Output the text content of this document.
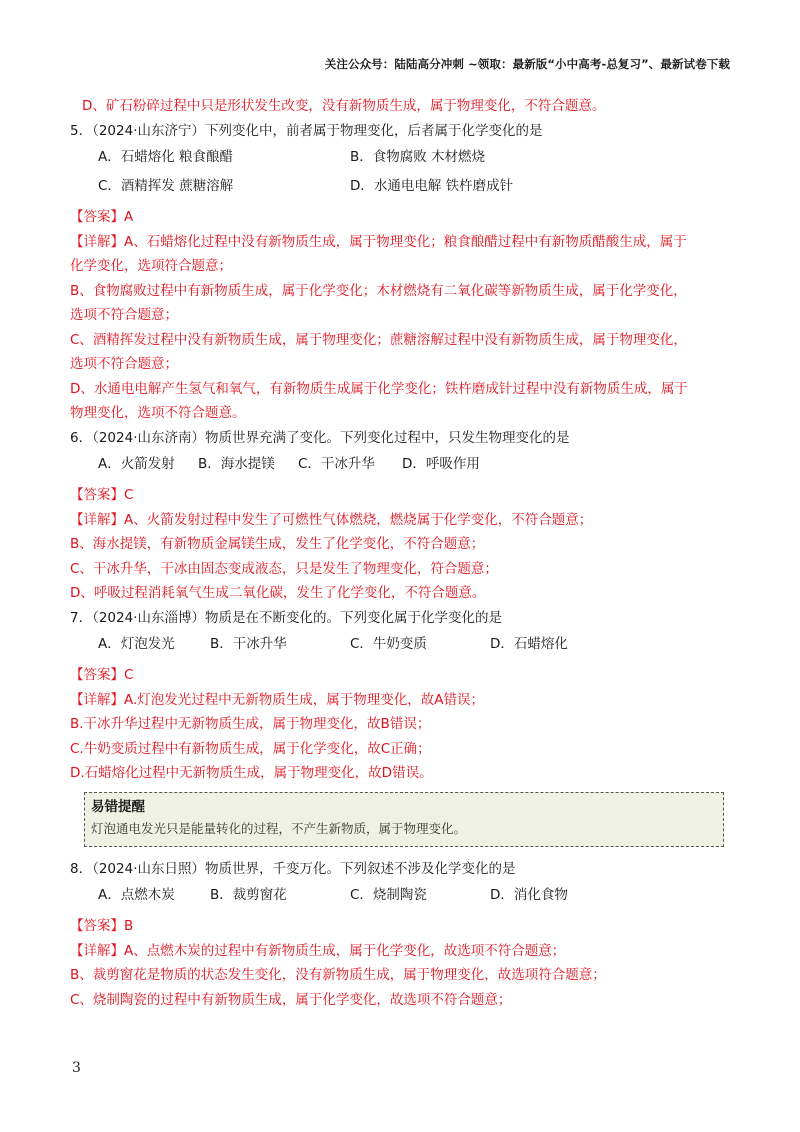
关注公众号：陆陆高分冲刺 ~领取：最新版“小中高考-总复习”、最新试卷下载
D、矿石粉碎过程中只是形状发生改变，没有新物质生成，属于物理变化，不符合题意。
5．（2024·山东济宁）下列变化中，前者属于物理变化，后者属于化学变化的是
A．石蜡熔化 粮食酿醋	B．食物腐败 木材燃烧
C．酒精挥发 蔗糖溶解	D．水通电电解 铁杵磨成针
【答案】A
【详解】A、石蜡熔化过程中没有新物质生成，属于物理变化；粮食酿醋过程中有新物质醋酸生成，属于
化学变化，选项符合题意；
B、食物腐败过程中有新物质生成，属于化学变化；木材燃烧有二氧化碳等新物质生成，属于化学变化，
选项不符合题意；
C、酒精挥发过程中没有新物质生成，属于物理变化；蔗糖溶解过程中没有新物质生成，属于物理变化，
选项不符合题意；
D、水通电电解产生氢气和氧气，有新物质生成属于化学变化；铁杵磨成针过程中没有新物质生成，属于
物理变化，选项不符合题意。
6．（2024·山东济南）物质世界充满了变化。下列变化过程中，只发生物理变化的是
A．火箭发射	B．海水提镁	C．干冰升华	D．呼吸作用
【答案】C
【详解】A、火箭发射过程中发生了可燃性气体燃烧，燃烧属于化学变化，不符合题意；
B、海水提镁，有新物质金属镁生成，发生了化学变化，不符合题意；
C、干冰升华，干冰由固态变成液态，只是发生了物理变化，符合题意；
D、呼吸过程消耗氧气生成二氧化碳，发生了化学变化，不符合题意。
7．（2024·山东淄博）物质是在不断变化的。下列变化属于化学变化的是
A．灯泡发光	B．干冰升华	C．牛奶变质	D．石蜡熔化
【答案】C
【详解】A.灯泡发光过程中无新物质生成，属于物理变化，故A错误；
B.干冰升华过程中无新物质生成，属于物理变化，故B错误；
C.牛奶变质过程中有新物质生成，属于化学变化，故C正确；
D.石蜡熔化过程中无新物质生成，属于物理变化，故D错误。
易错提醒
灯泡通电发光只是能量转化的过程，不产生新物质，属于物理变化。
8．（2024·山东日照）物质世界，千变万化。下列叙述不涉及化学变化的是
A．点燃木炭	B．裁剪窗花	C．烧制陶瓷	D．消化食物
【答案】B
【详解】A、点燃木炭的过程中有新物质生成，属于化学变化，故选项不符合题意；
B、裁剪窗花是物质的状态发生变化，没有新物质生成，属于物理变化，故选项符合题意；
C、烧制陶瓷的过程中有新物质生成，属于化学变化，故选项不符合题意；
3
